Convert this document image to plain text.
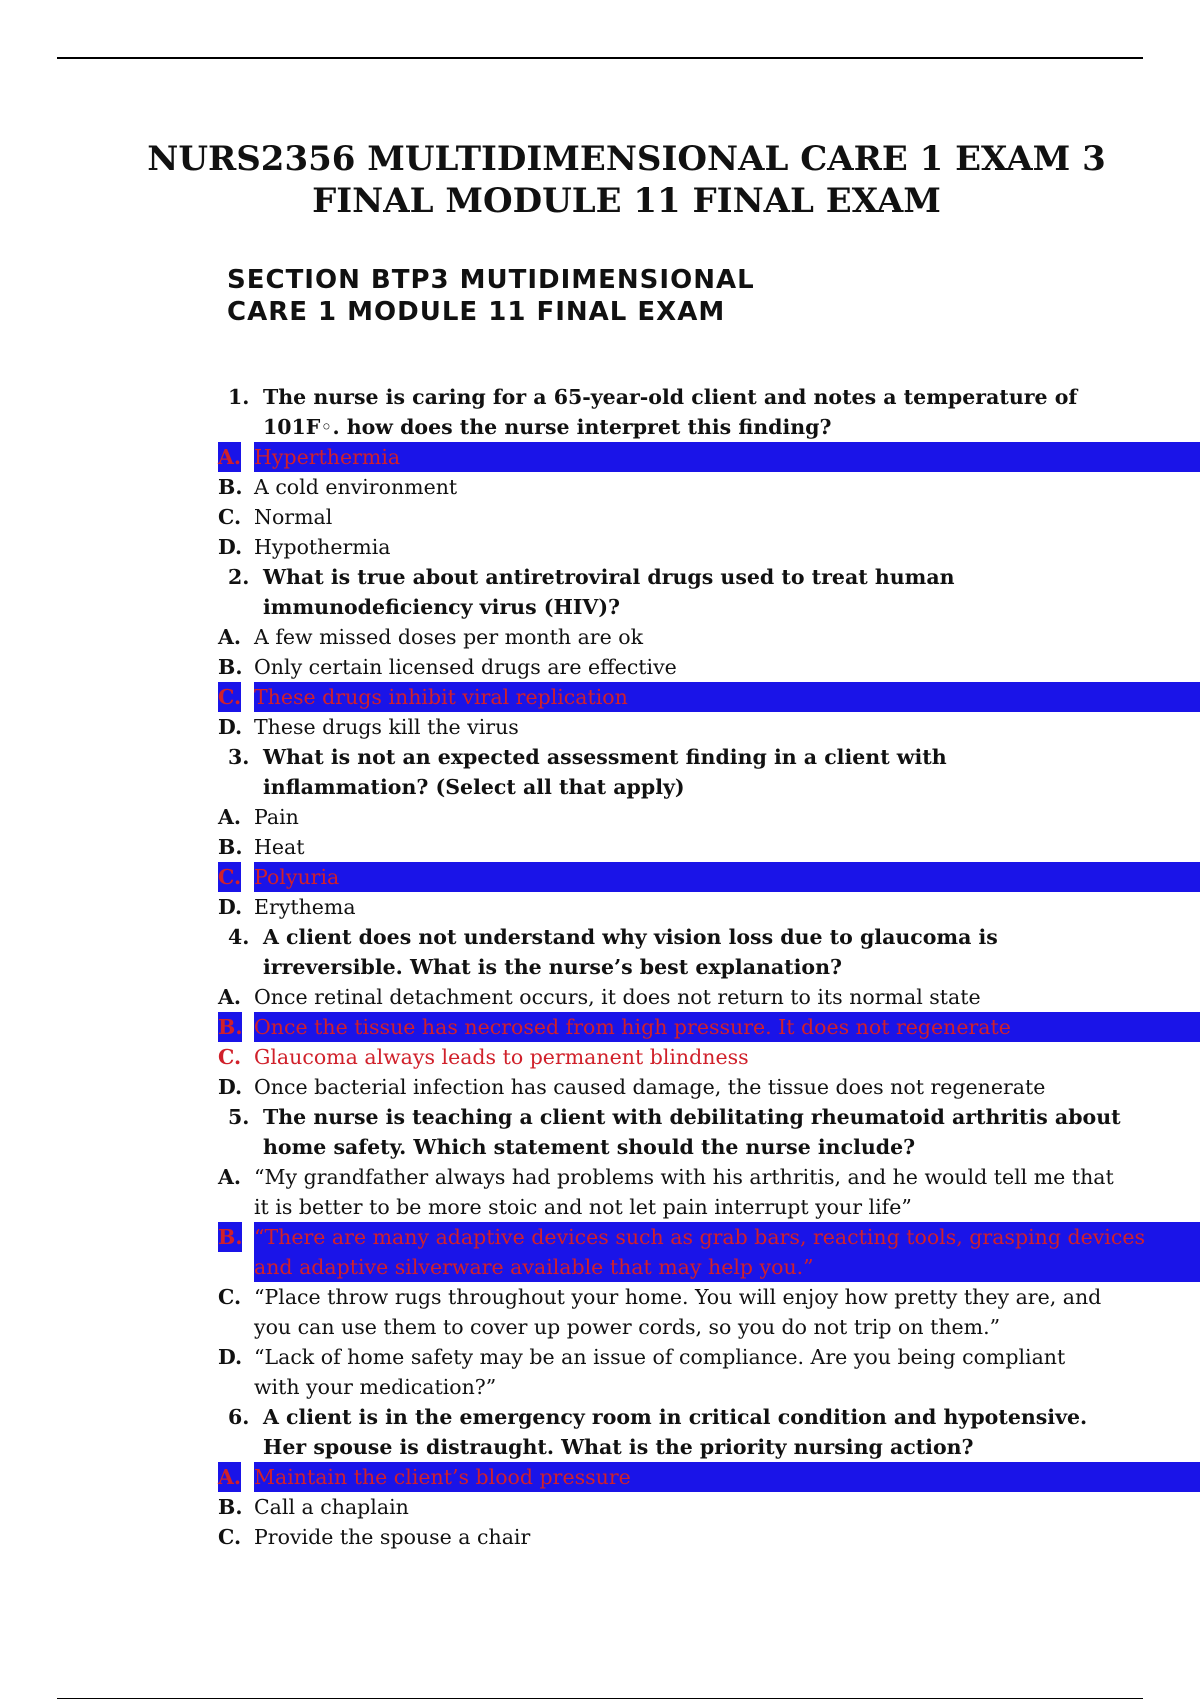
NURS2356 MULTIDIMENSIONAL CARE 1 EXAM 3
FINAL MODULE 11 FINAL EXAM
SECTION BTP3 MUTIDIMENSIONAL
CARE 1 MODULE 11 FINAL EXAM
1. The nurse is caring for a 65-year-old client and notes a temperature of
101F◦. how does the nurse interpret this finding?
A. Hyperthermia
B. A cold environment
C. Normal
D. Hypothermia
2. What is true about antiretroviral drugs used to treat human
immunodeficiency virus (HIV)?
A. A few missed doses per month are ok
B. Only certain licensed drugs are effective
C. These drugs inhibit viral replication
D. These drugs kill the virus
3. What is not an expected assessment finding in a client with
inflammation? (Select all that apply)
A. Pain
B. Heat
C. Polyuria
D. Erythema
4. A client does not understand why vision loss due to glaucoma is
irreversible. What is the nurse’s best explanation?
A. Once retinal detachment occurs, it does not return to its normal state
B. Once the tissue has necrosed from high pressure. It does not regenerate
C. Glaucoma always leads to permanent blindness
D. Once bacterial infection has caused damage, the tissue does not regenerate
5. The nurse is teaching a client with debilitating rheumatoid arthritis about
home safety. Which statement should the nurse include?
A. “My grandfather always had problems with his arthritis, and he would tell me that
it is better to be more stoic and not let pain interrupt your life”
B. “There are many adaptive devices such as grab bars, reacting tools, grasping devices
and adaptive silverware available that may help you.”
C. “Place throw rugs throughout your home. You will enjoy how pretty they are, and
you can use them to cover up power cords, so you do not trip on them.”
D. “Lack of home safety may be an issue of compliance. Are you being compliant
with your medication?”
6. A client is in the emergency room in critical condition and hypotensive.
Her spouse is distraught. What is the priority nursing action?
A. Maintain the client’s blood pressure
B. Call a chaplain
C. Provide the spouse a chair
